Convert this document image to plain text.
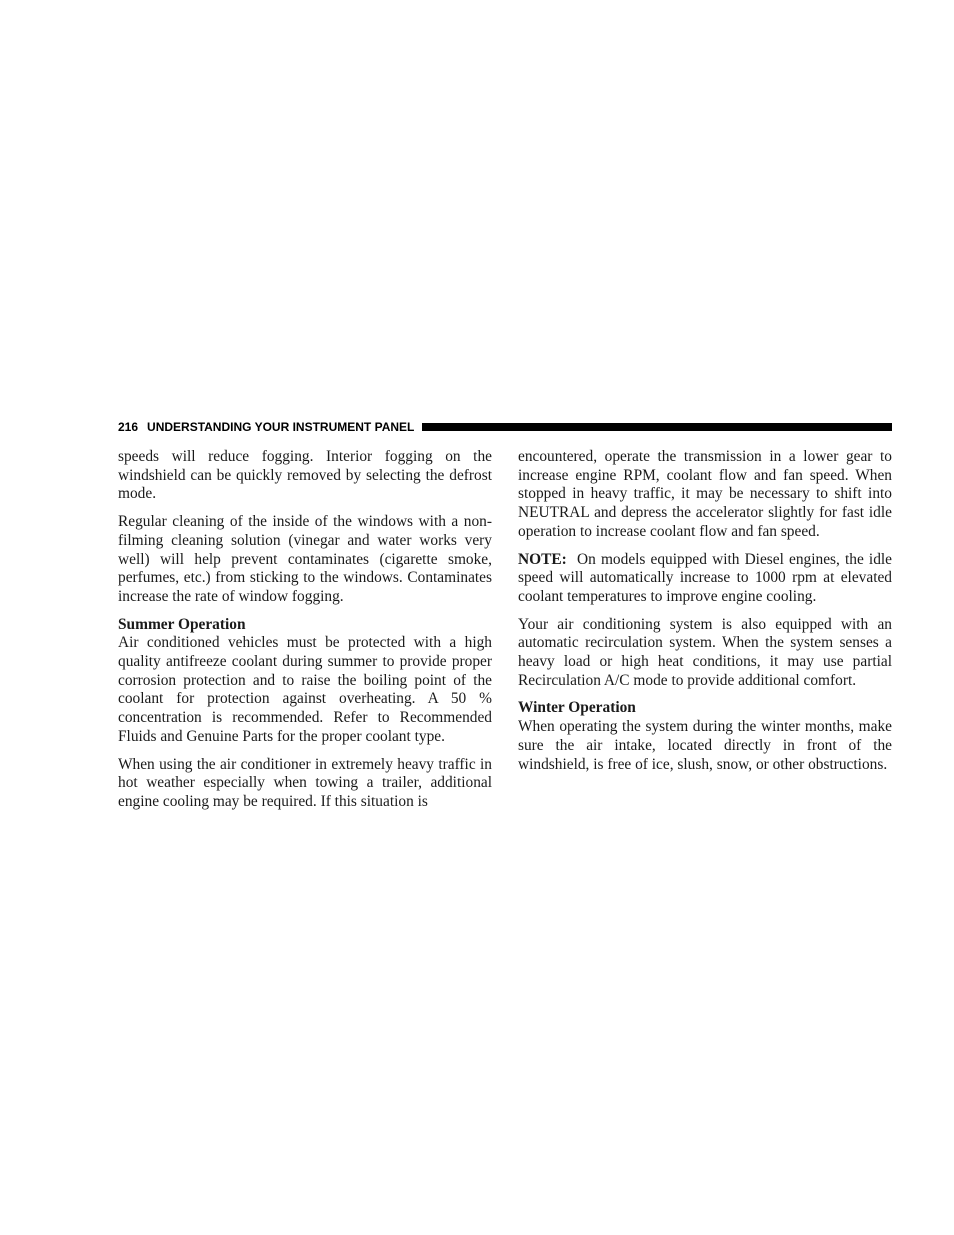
216 UNDERSTANDING YOUR INSTRUMENT PANEL

speeds will reduce fogging. Interior fogging on the windshield can be quickly removed by selecting the defrost mode.

Regular cleaning of the inside of the windows with a non-filming cleaning solution (vinegar and water works very well) will help prevent contaminates (cigarette smoke, perfumes, etc.) from sticking to the windows. Contaminates increase the rate of window fogging.

Summer Operation

Air conditioned vehicles must be protected with a high quality antifreeze coolant during summer to provide proper corrosion protection and to raise the boiling point of the coolant for protection against overheating. A 50 % concentration is recommended. Refer to Recommended Fluids and Genuine Parts for the proper coolant type.

When using the air conditioner in extremely heavy traffic in hot weather especially when towing a trailer, additional engine cooling may be required. If this situation is

encountered, operate the transmission in a lower gear to increase engine RPM, coolant flow and fan speed. When stopped in heavy traffic, it may be necessary to shift into NEUTRAL and depress the accelerator slightly for fast idle operation to increase coolant flow and fan speed.

NOTE: On models equipped with Diesel engines, the idle speed will automatically increase to 1000 rpm at elevated coolant temperatures to improve engine cooling.

Your air conditioning system is also equipped with an automatic recirculation system. When the system senses a heavy load or high heat conditions, it may use partial Recirculation A/C mode to provide additional comfort.

Winter Operation

When operating the system during the winter months, make sure the air intake, located directly in front of the windshield, is free of ice, slush, snow, or other obstructions.
